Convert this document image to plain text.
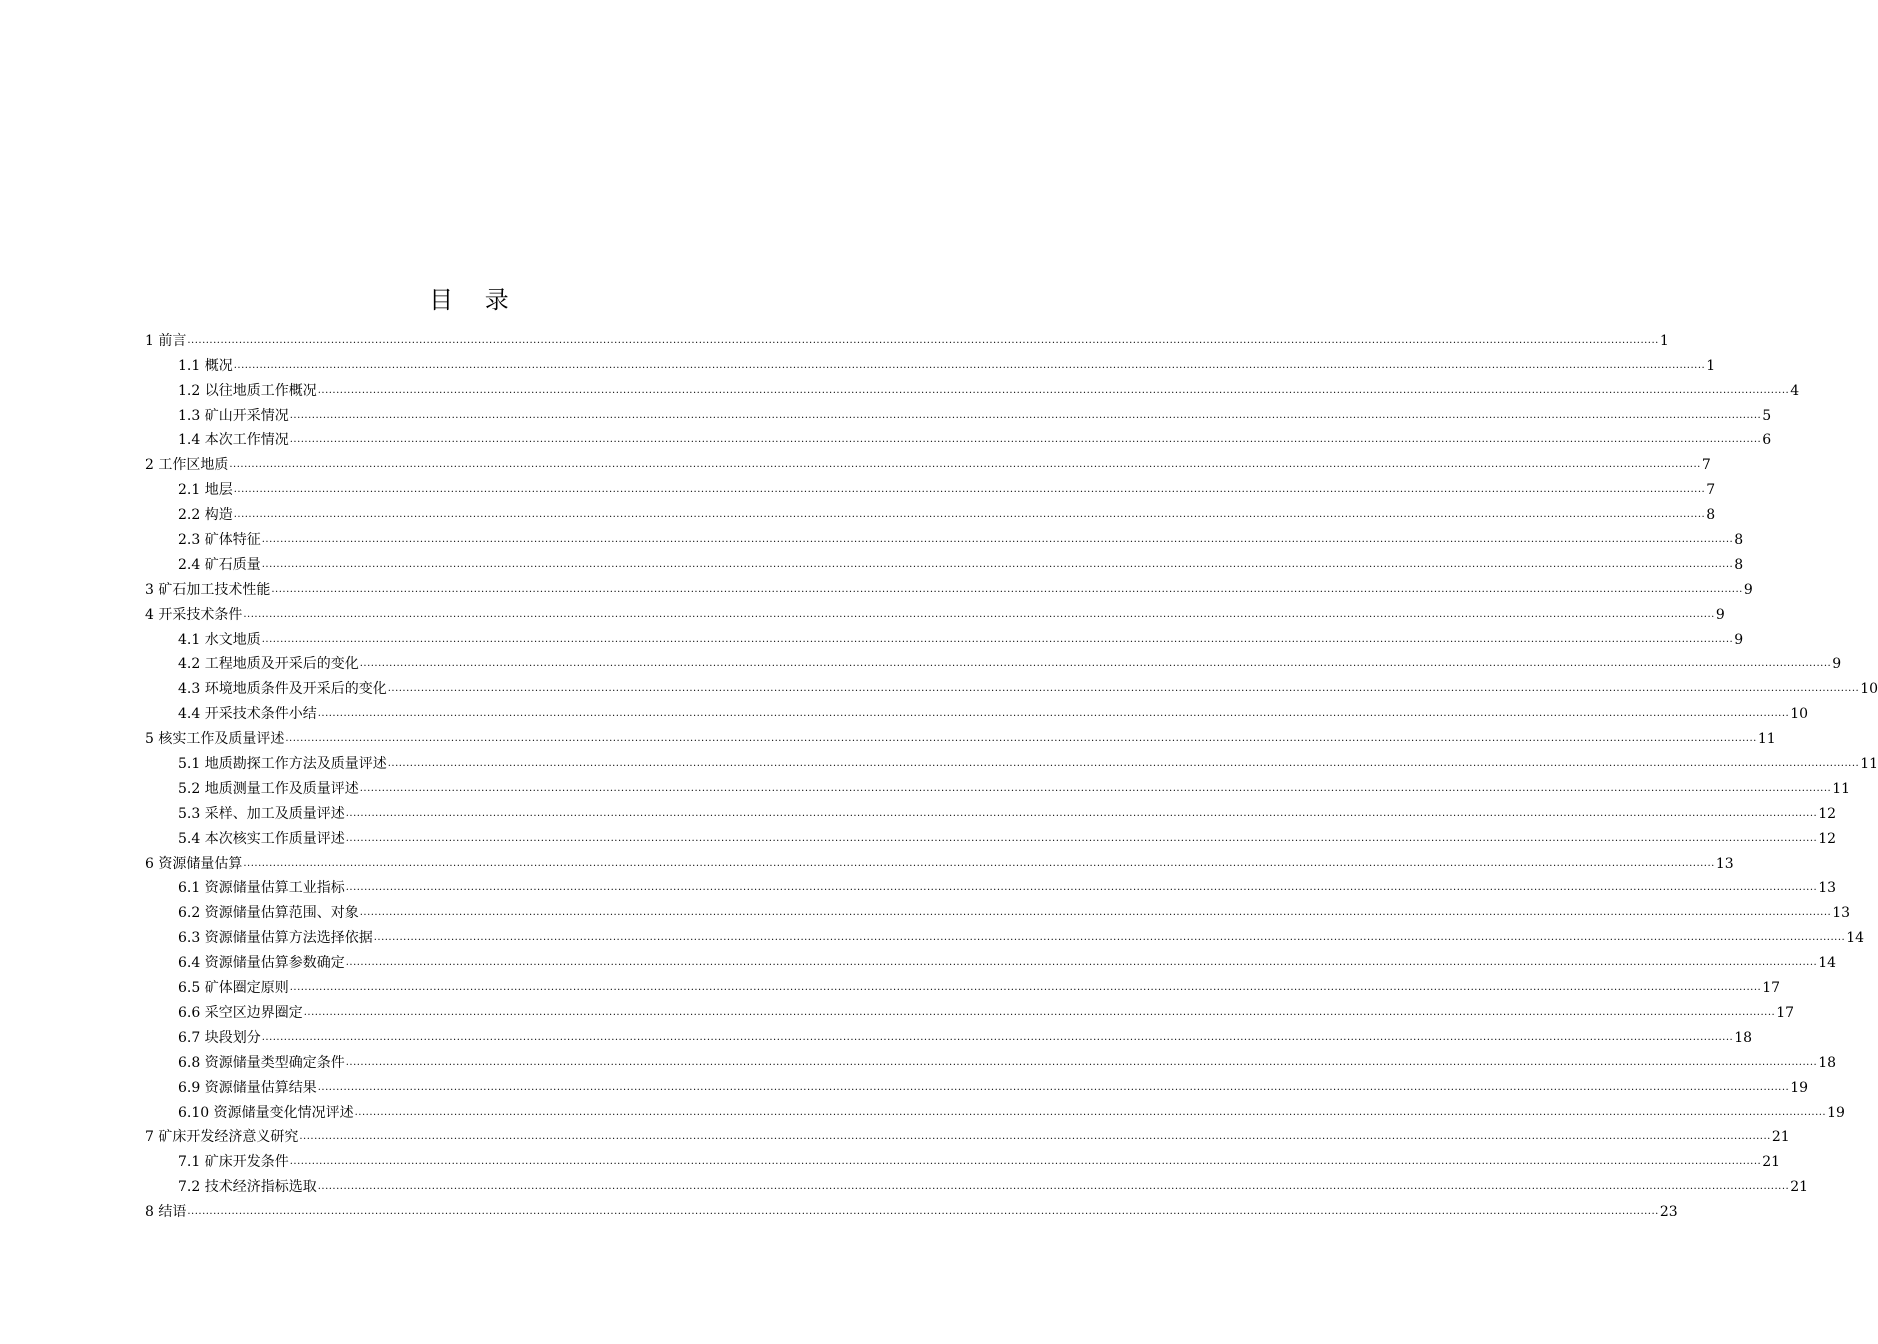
目 录
1 前言 ................................................................................................................................................................................................................................................................................................................................................................................................................ 1
1.1 概况 ................................................................................................................................................................................................................................................................................................................................................................................................................ 1
1.2 以往地质工作概况 ................................................................................................................................................................................................................................................................................................................................................................................................................ 4
1.3 矿山开采情况 ................................................................................................................................................................................................................................................................................................................................................................................................................ 5
1.4 本次工作情况 ................................................................................................................................................................................................................................................................................................................................................................................................................ 6
2 工作区地质 ................................................................................................................................................................................................................................................................................................................................................................................................................ 7
2.1 地层 ................................................................................................................................................................................................................................................................................................................................................................................................................ 7
2.2 构造 ................................................................................................................................................................................................................................................................................................................................................................................................................ 8
2.3 矿体特征 ................................................................................................................................................................................................................................................................................................................................................................................................................ 8
2.4 矿石质量 ................................................................................................................................................................................................................................................................................................................................................................................................................ 8
3 矿石加工技术性能 ................................................................................................................................................................................................................................................................................................................................................................................................................ 9
4 开采技术条件 ................................................................................................................................................................................................................................................................................................................................................................................................................ 9
4.1 水文地质 ................................................................................................................................................................................................................................................................................................................................................................................................................ 9
4.2 工程地质及开采后的变化 ................................................................................................................................................................................................................................................................................................................................................................................................................ 9
4.3 环境地质条件及开采后的变化 ................................................................................................................................................................................................................................................................................................................................................................................................................ 10
4.4 开采技术条件小结 ................................................................................................................................................................................................................................................................................................................................................................................................................ 10
5 核实工作及质量评述 ................................................................................................................................................................................................................................................................................................................................................................................................................ 11
5.1 地质勘探工作方法及质量评述 ................................................................................................................................................................................................................................................................................................................................................................................................................ 11
5.2 地质测量工作及质量评述 ................................................................................................................................................................................................................................................................................................................................................................................................................ 11
5.3 采样、加工及质量评述 ................................................................................................................................................................................................................................................................................................................................................................................................................ 12
5.4 本次核实工作质量评述 ................................................................................................................................................................................................................................................................................................................................................................................................................ 12
6 资源储量估算 ................................................................................................................................................................................................................................................................................................................................................................................................................ 13
6.1 资源储量估算工业指标 ................................................................................................................................................................................................................................................................................................................................................................................................................ 13
6.2 资源储量估算范围、对象 ................................................................................................................................................................................................................................................................................................................................................................................................................ 13
6.3 资源储量估算方法选择依据 ................................................................................................................................................................................................................................................................................................................................................................................................................ 14
6.4 资源储量估算参数确定 ................................................................................................................................................................................................................................................................................................................................................................................................................ 14
6.5 矿体圈定原则 ................................................................................................................................................................................................................................................................................................................................................................................................................ 17
6.6 采空区边界圈定 ................................................................................................................................................................................................................................................................................................................................................................................................................ 17
6.7 块段划分 ................................................................................................................................................................................................................................................................................................................................................................................................................ 18
6.8 资源储量类型确定条件 ................................................................................................................................................................................................................................................................................................................................................................................................................ 18
6.9 资源储量估算结果 ................................................................................................................................................................................................................................................................................................................................................................................................................ 19
6.10 资源储量变化情况评述 ................................................................................................................................................................................................................................................................................................................................................................................................................ 19
7 矿床开发经济意义研究 ................................................................................................................................................................................................................................................................................................................................................................................................................ 21
7.1 矿床开发条件 ................................................................................................................................................................................................................................................................................................................................................................................................................ 21
7.2 技术经济指标选取 ................................................................................................................................................................................................................................................................................................................................................................................................................ 21
8 结语 ................................................................................................................................................................................................................................................................................................................................................................................................................ 23
